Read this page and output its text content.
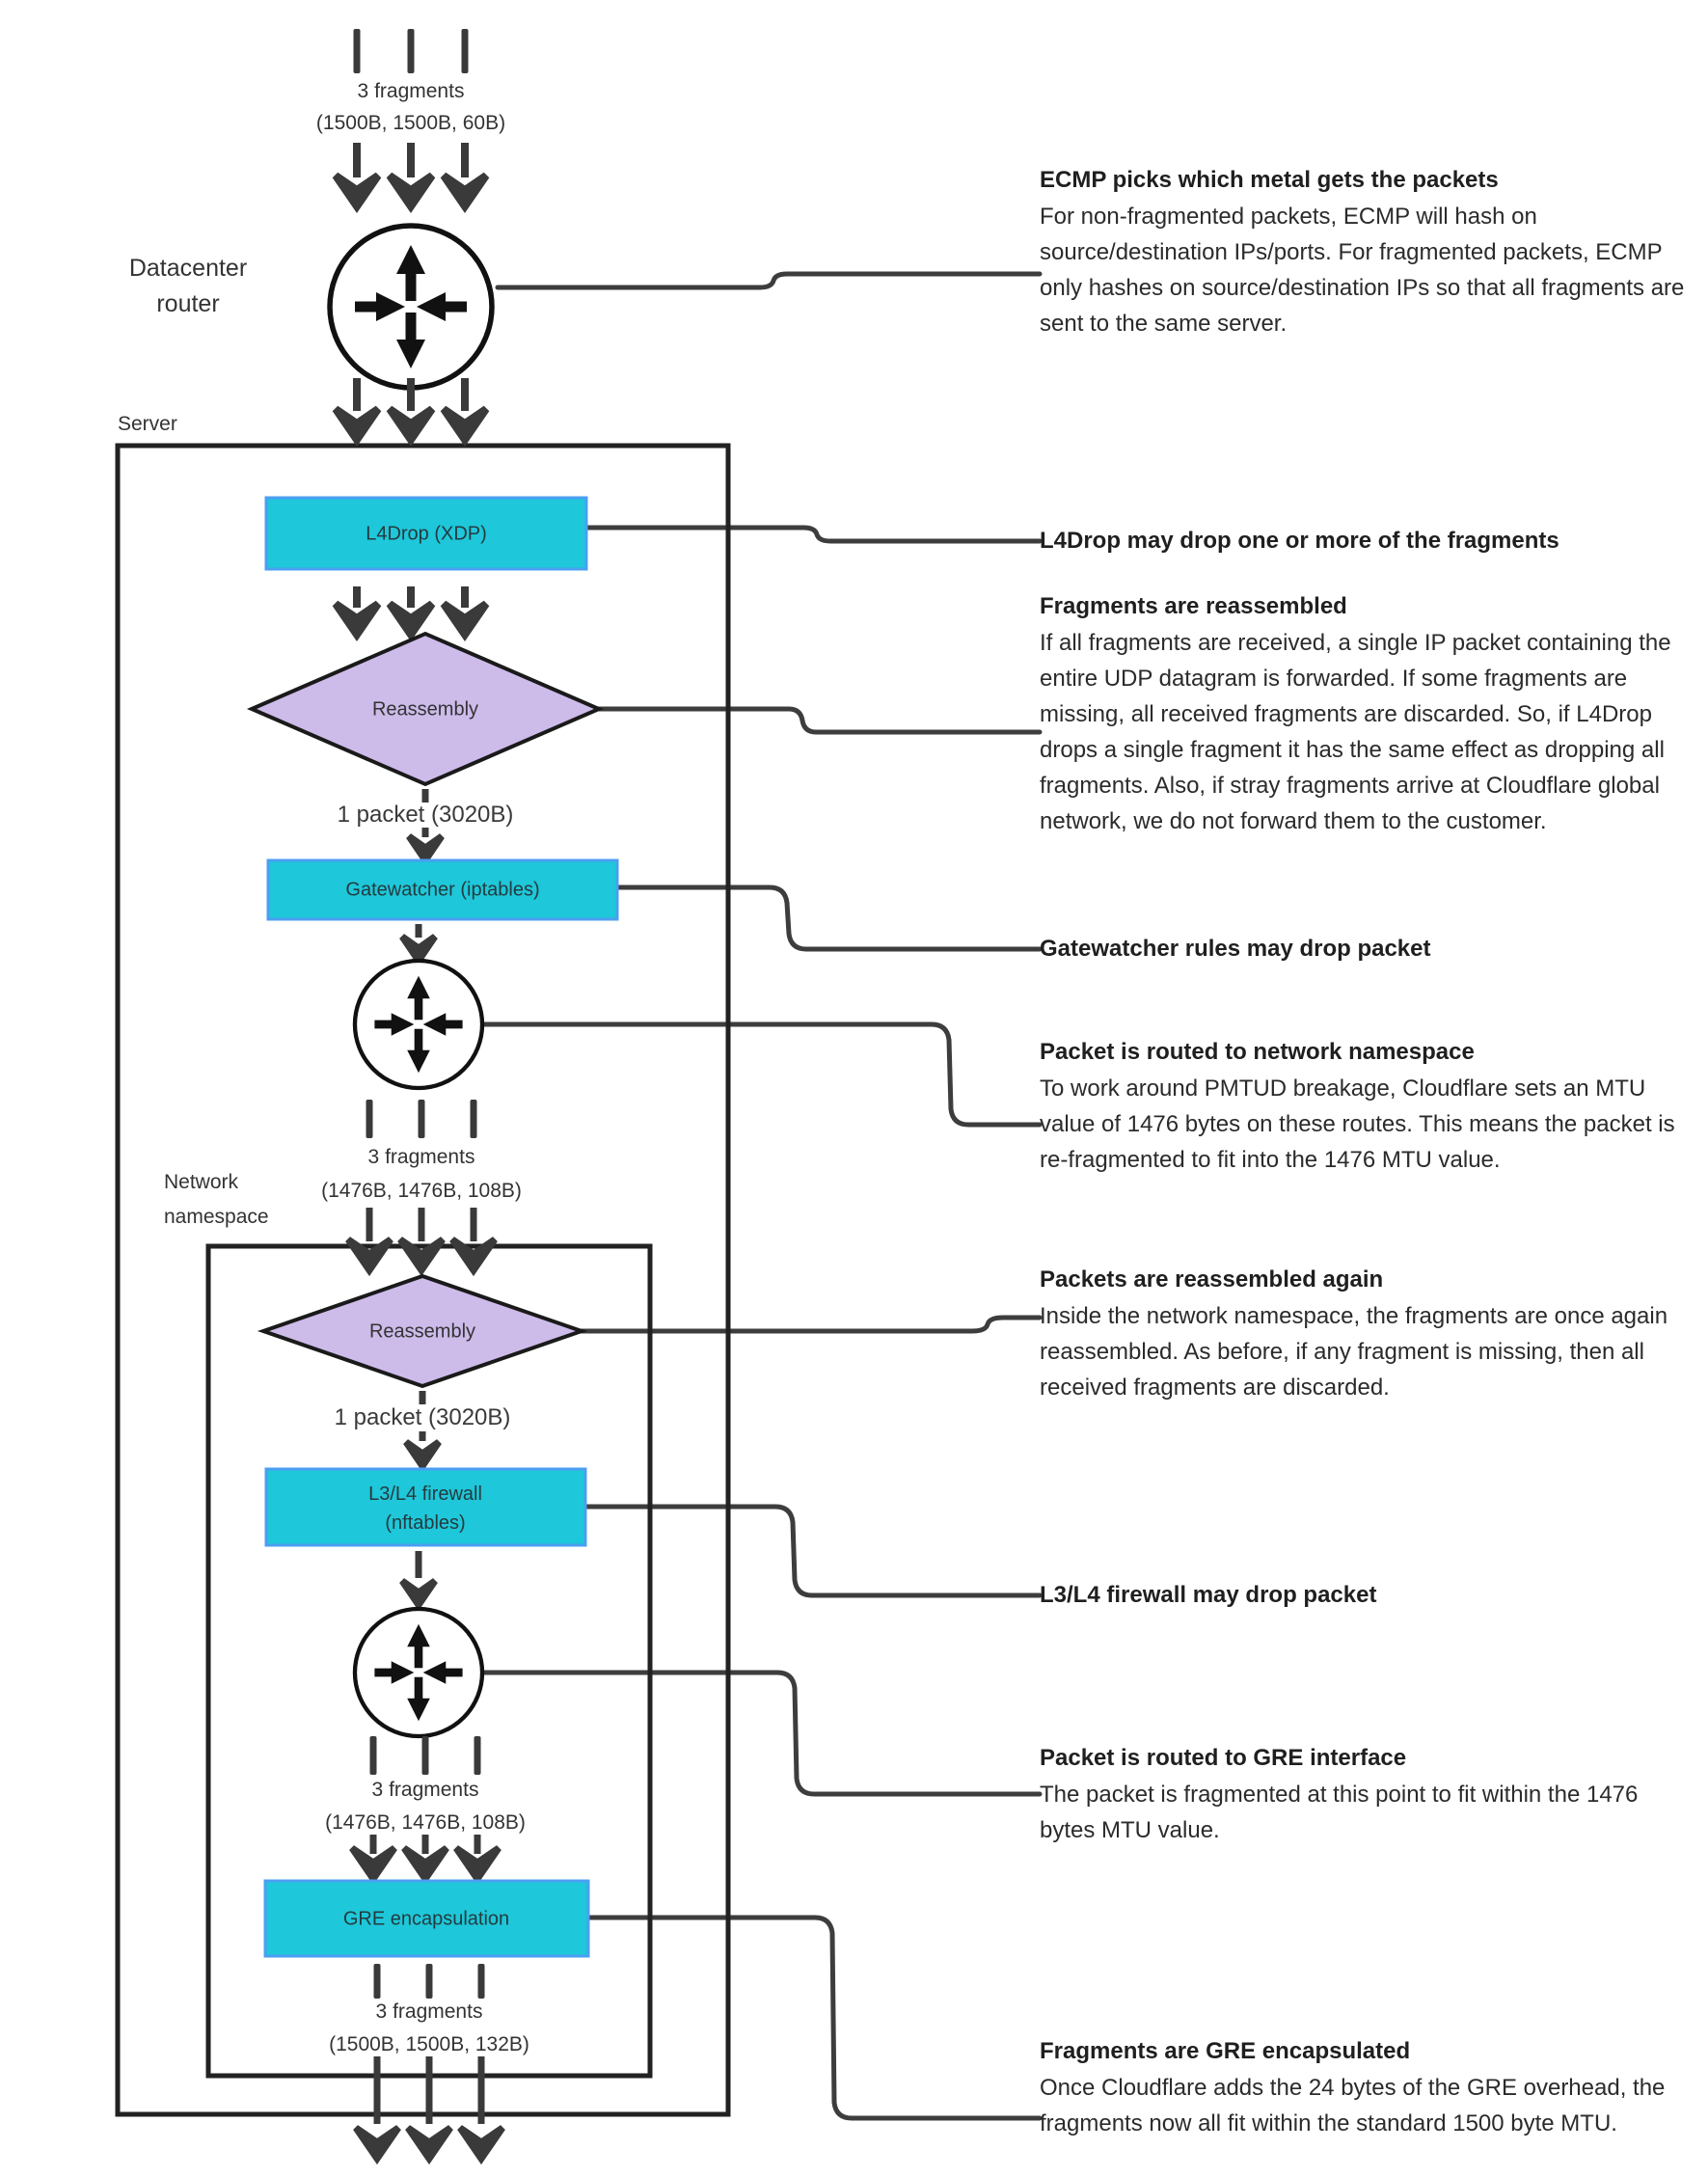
3 fragments
(1500B, 1500B, 60B)
Datacenter
router
Server
L4Drop (XDP)
Reassembly
1 packet (3020B)
Gatewatcher (iptables)
3 fragments
(1476B, 1476B, 108B)
Network
namespace
Reassembly
1 packet (3020B)
L3/L4 firewall
(nftables)
3 fragments
(1476B, 1476B, 108B)
GRE encapsulation
3 fragments
(1500B, 1500B, 132B)
ECMP picks which metal gets the packets

For non-fragmented packets, ECMP will hash on source/destination IPs/ports. For fragmented packets, ECMP only hashes on source/destination IPs so that all fragments are sent to the same server.

L4Drop may drop one or more of the fragments

Fragments are reassembled

If all fragments are received, a single IP packet containing the entire UDP datagram is forwarded. If some fragments are missing, all received fragments are discarded. So, if L4Drop drops a single fragment it has the same effect as dropping all fragments. Also, if stray fragments arrive at Cloudflare global network, we do not forward them to the customer.

Gatewatcher rules may drop packet

Packet is routed to network namespace

To work around PMTUD breakage, Cloudflare sets an MTU value of 1476 bytes on these routes. This means the packet is re-fragmented to fit into the 1476 MTU value.

Packets are reassembled again

Inside the network namespace, the fragments are once again reassembled. As before, if any fragment is missing, then all received fragments are discarded.

L3/L4 firewall may drop packet

Packet is routed to GRE interface

The packet is fragmented at this point to fit within the 1476 bytes MTU value.

Fragments are GRE encapsulated

Once Cloudflare adds the 24 bytes of the GRE overhead, the fragments now all fit within the standard 1500 byte MTU.
